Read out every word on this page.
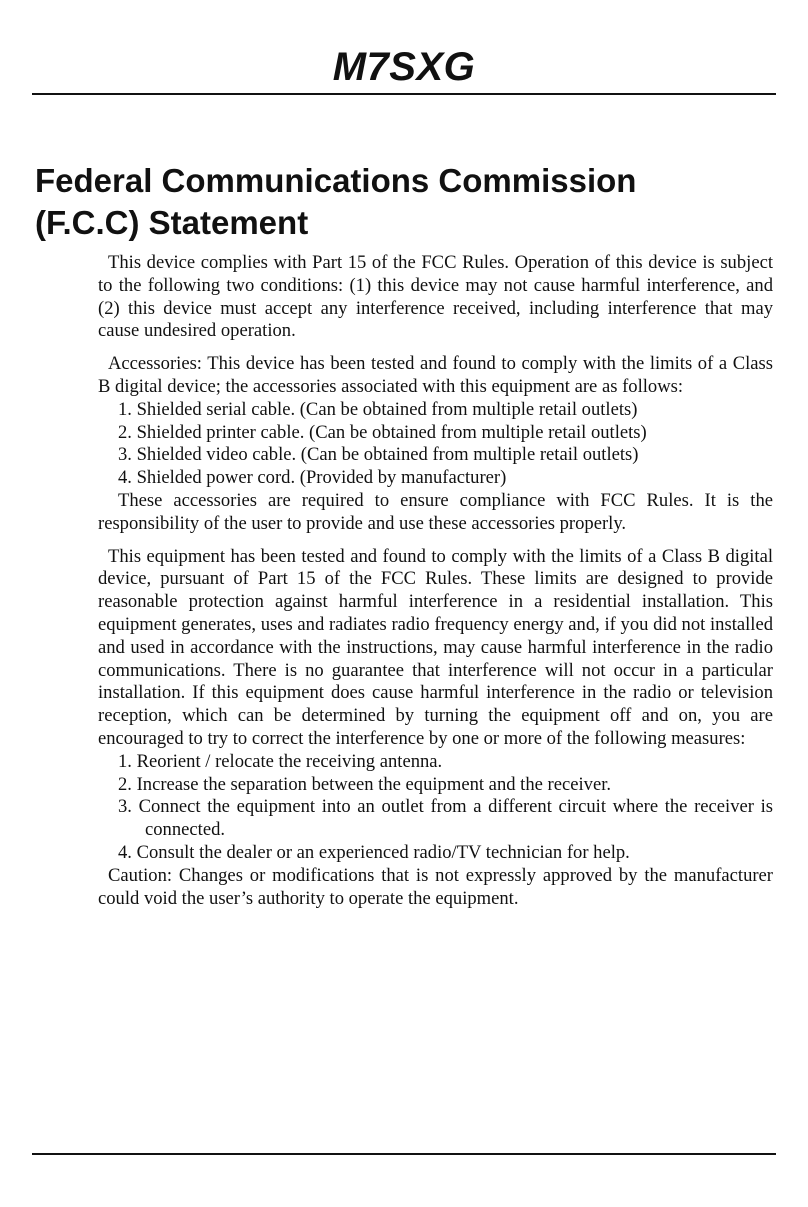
M7SXG
Federal Communications Commission
(F.C.C) Statement

This device complies with Part 15 of the FCC Rules. Operation of this device is subject to the following two conditions: (1) this device may not cause harmful interference, and (2) this device must accept any interference received, including interference that may cause undesired operation.

Accessories: This device has been tested and found to comply with the limits of a Class B digital device; the accessories associated with this equipment are as follows:

1. Shielded serial cable. (Can be obtained from multiple retail outlets)
2. Shielded printer cable. (Can be obtained from multiple retail outlets)
3. Shielded video cable. (Can be obtained from multiple retail outlets)
4. Shielded power cord. (Provided by manufacturer)

These accessories are required to ensure compliance with FCC Rules. It is the responsibility of the user to provide and use these accessories properly.

This equipment has been tested and found to comply with the limits of a Class B digital device, pursuant of Part 15 of the FCC Rules. These limits are designed to provide reasonable protection against harmful interference in a residential installation. This equipment generates, uses and radiates radio frequency energy and, if you did not installed and used in accordance with the instructions, may cause harmful interference in the radio communications. There is no guarantee that interference will not occur in a particular installation. If this equipment does cause harmful interference in the radio or television reception, which can be determined by turning the equipment off and on, you are encouraged to try to correct the interference by one or more of the following measures:

1. Reorient / relocate the receiving antenna.
2. Increase the separation between the equipment and the receiver.
3. Connect the equipment into an outlet from a different circuit where the receiver is connected.
4. Consult the dealer or an experienced radio/TV technician for help.

Caution: Changes or modifications that is not expressly approved by the manufacturer could void the user’s authority to operate the equipment.
